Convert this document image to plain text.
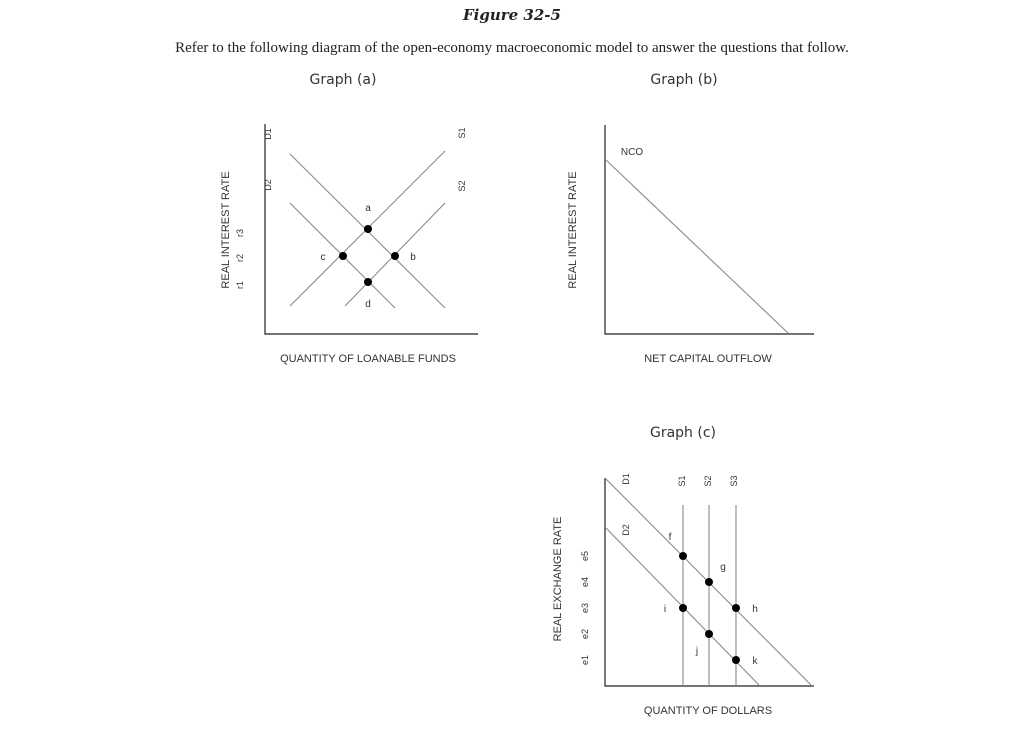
Figure 32-5
Refer to the following diagram of the open-economy macroeconomic model to answer the questions that follow.
Graph (a)	Graph (b)
Graph (c)
REAL INTEREST RATE
QUANTITY OF LOANABLE FUNDS
r3
r2
r1
D1
D2
S1
S2
a
c	b
d
REAL INTEREST RATE
NET CAPITAL OUTFLOW
NCO
REAL EXCHANGE RATE
QUANTITY OF DOLLARS
e5
e4
e3
e2
e1
D1
D2
S1 S2 S3
f
g
h
i
j
k
